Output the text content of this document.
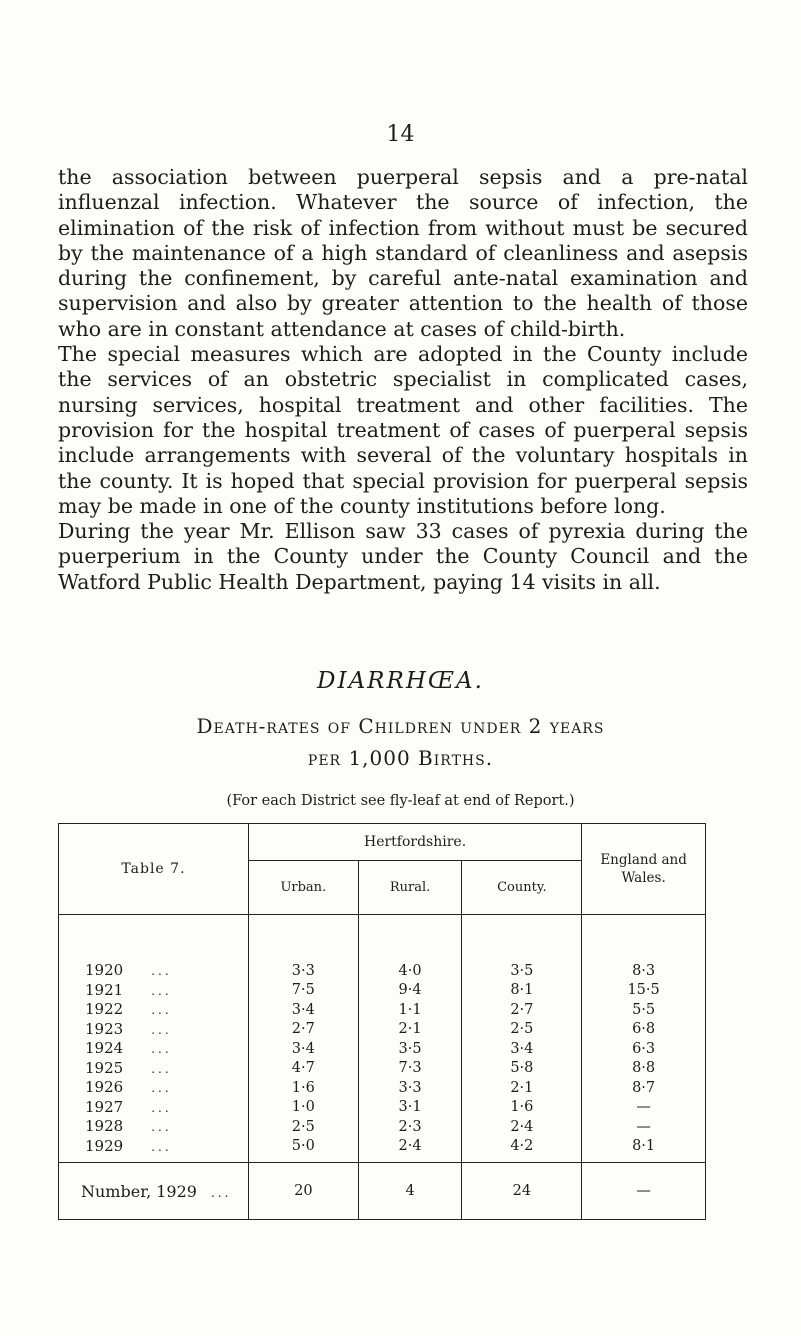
14

the association between puerperal sepsis and a pre-natal influenzal infection. Whatever the source of infection, the elimination of the risk of infection from without must be secured by the maintenance of a high standard of cleanliness and asepsis during the confinement, by careful ante-natal examination and supervision and also by greater attention to the health of those who are in constant attendance at cases of child-birth.

The special measures which are adopted in the County include the services of an obstetric specialist in complicated cases, nursing services, hospital treatment and other facilities. The provision for the hospital treatment of cases of puerperal sepsis include arrangements with several of the voluntary hospitals in the county. It is hoped that special provision for puerperal sepsis may be made in one of the county institutions before long.

During the year Mr. Ellison saw 33 cases of pyrexia during the puerperium in the County under the County Council and the Watford Public Health Department, paying 14 visits in all.

DIARRHŒA.
Death-rates of Children under 2 years
per 1,000 Births.
(For each District see fly-leaf at end of Report.)
Table 7.	Hertfordshire.			England and Wales.
	Urban.	Rural.	County.	

1920 ...	3·3	4·0	3·5	8·3
1921 ...	7·5	9·4	8·1	15·5
1922 ...	3·4	1·1	2·7	5·5
1923 ...	2·7	2·1	2·5	6·8
1924 ...	3·4	3·5	3·4	6·3
1925 ...	4·7	7·3	5·8	8·8
1926 ...	1·6	3·3	2·1	8·7
1927 ...	1·0	3·1	1·6	—
1928 ...	2·5	2·3	2·4	—
1929 ...	5·0	2·4	4·2	8·1
Number, 1929 ...	20	4	24	—
